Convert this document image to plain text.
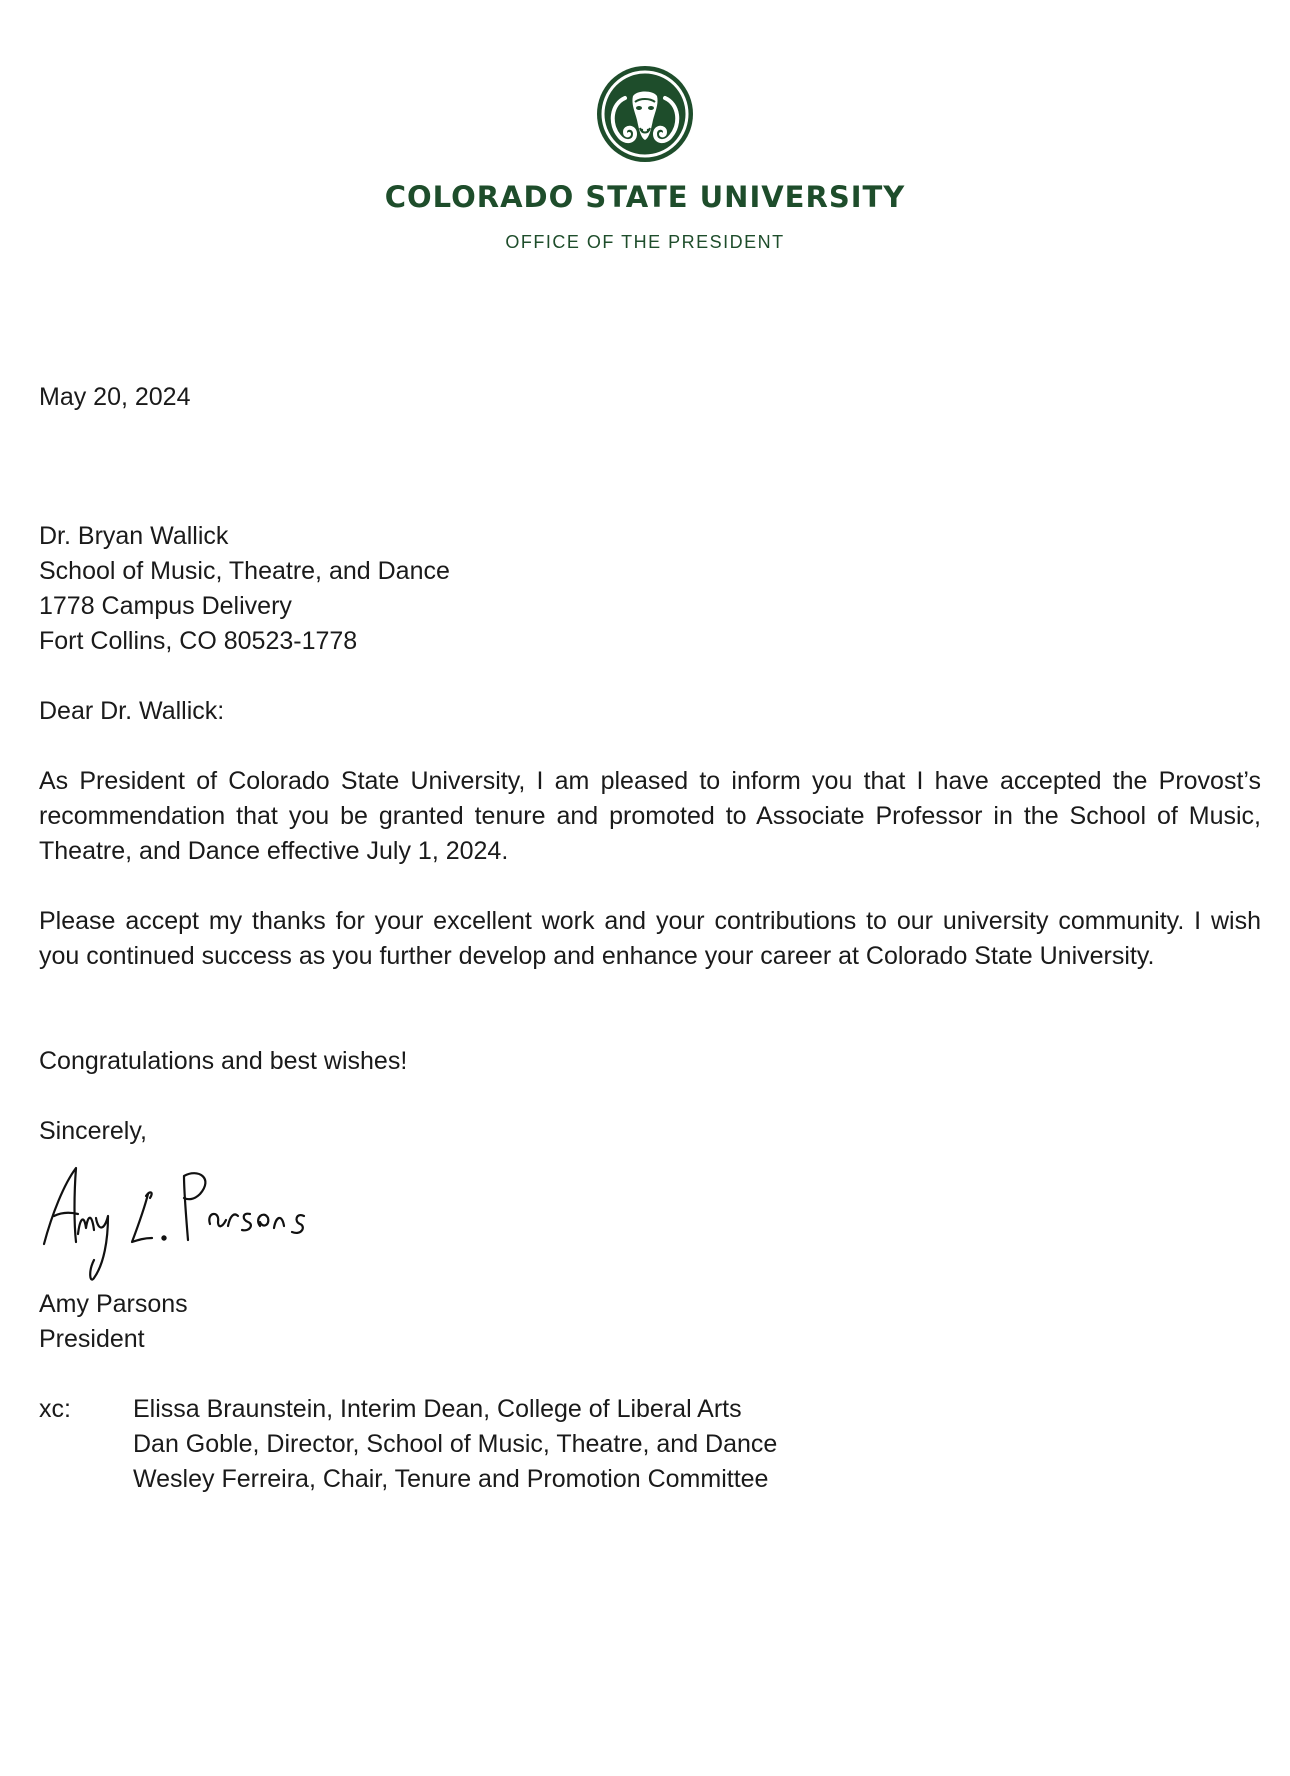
COLORADO STATE UNIVERSITY
OFFICE OF THE PRESIDENT
May 20, 2024
Dr. Bryan Wallick
School of Music, Theatre, and Dance
1778 Campus Delivery
Fort Collins, CO 80523-1778
Dear Dr. Wallick:

As President of Colorado State University, I am pleased to inform you that I have accepted the Provost’s recommendation that you be granted tenure and promoted to Associate Professor in the School of Music, Theatre, and Dance effective July 1, 2024.

Please accept my thanks for your excellent work and your contributions to our university community. I wish you continued success as you further develop and enhance your career at Colorado State University.

Congratulations and best wishes!
Sincerely,
Amy Parsons
President
xc: Elissa Braunstein, Interim Dean, College of Liberal Arts
Dan Goble, Director, School of Music, Theatre, and Dance
Wesley Ferreira, Chair, Tenure and Promotion Committee
